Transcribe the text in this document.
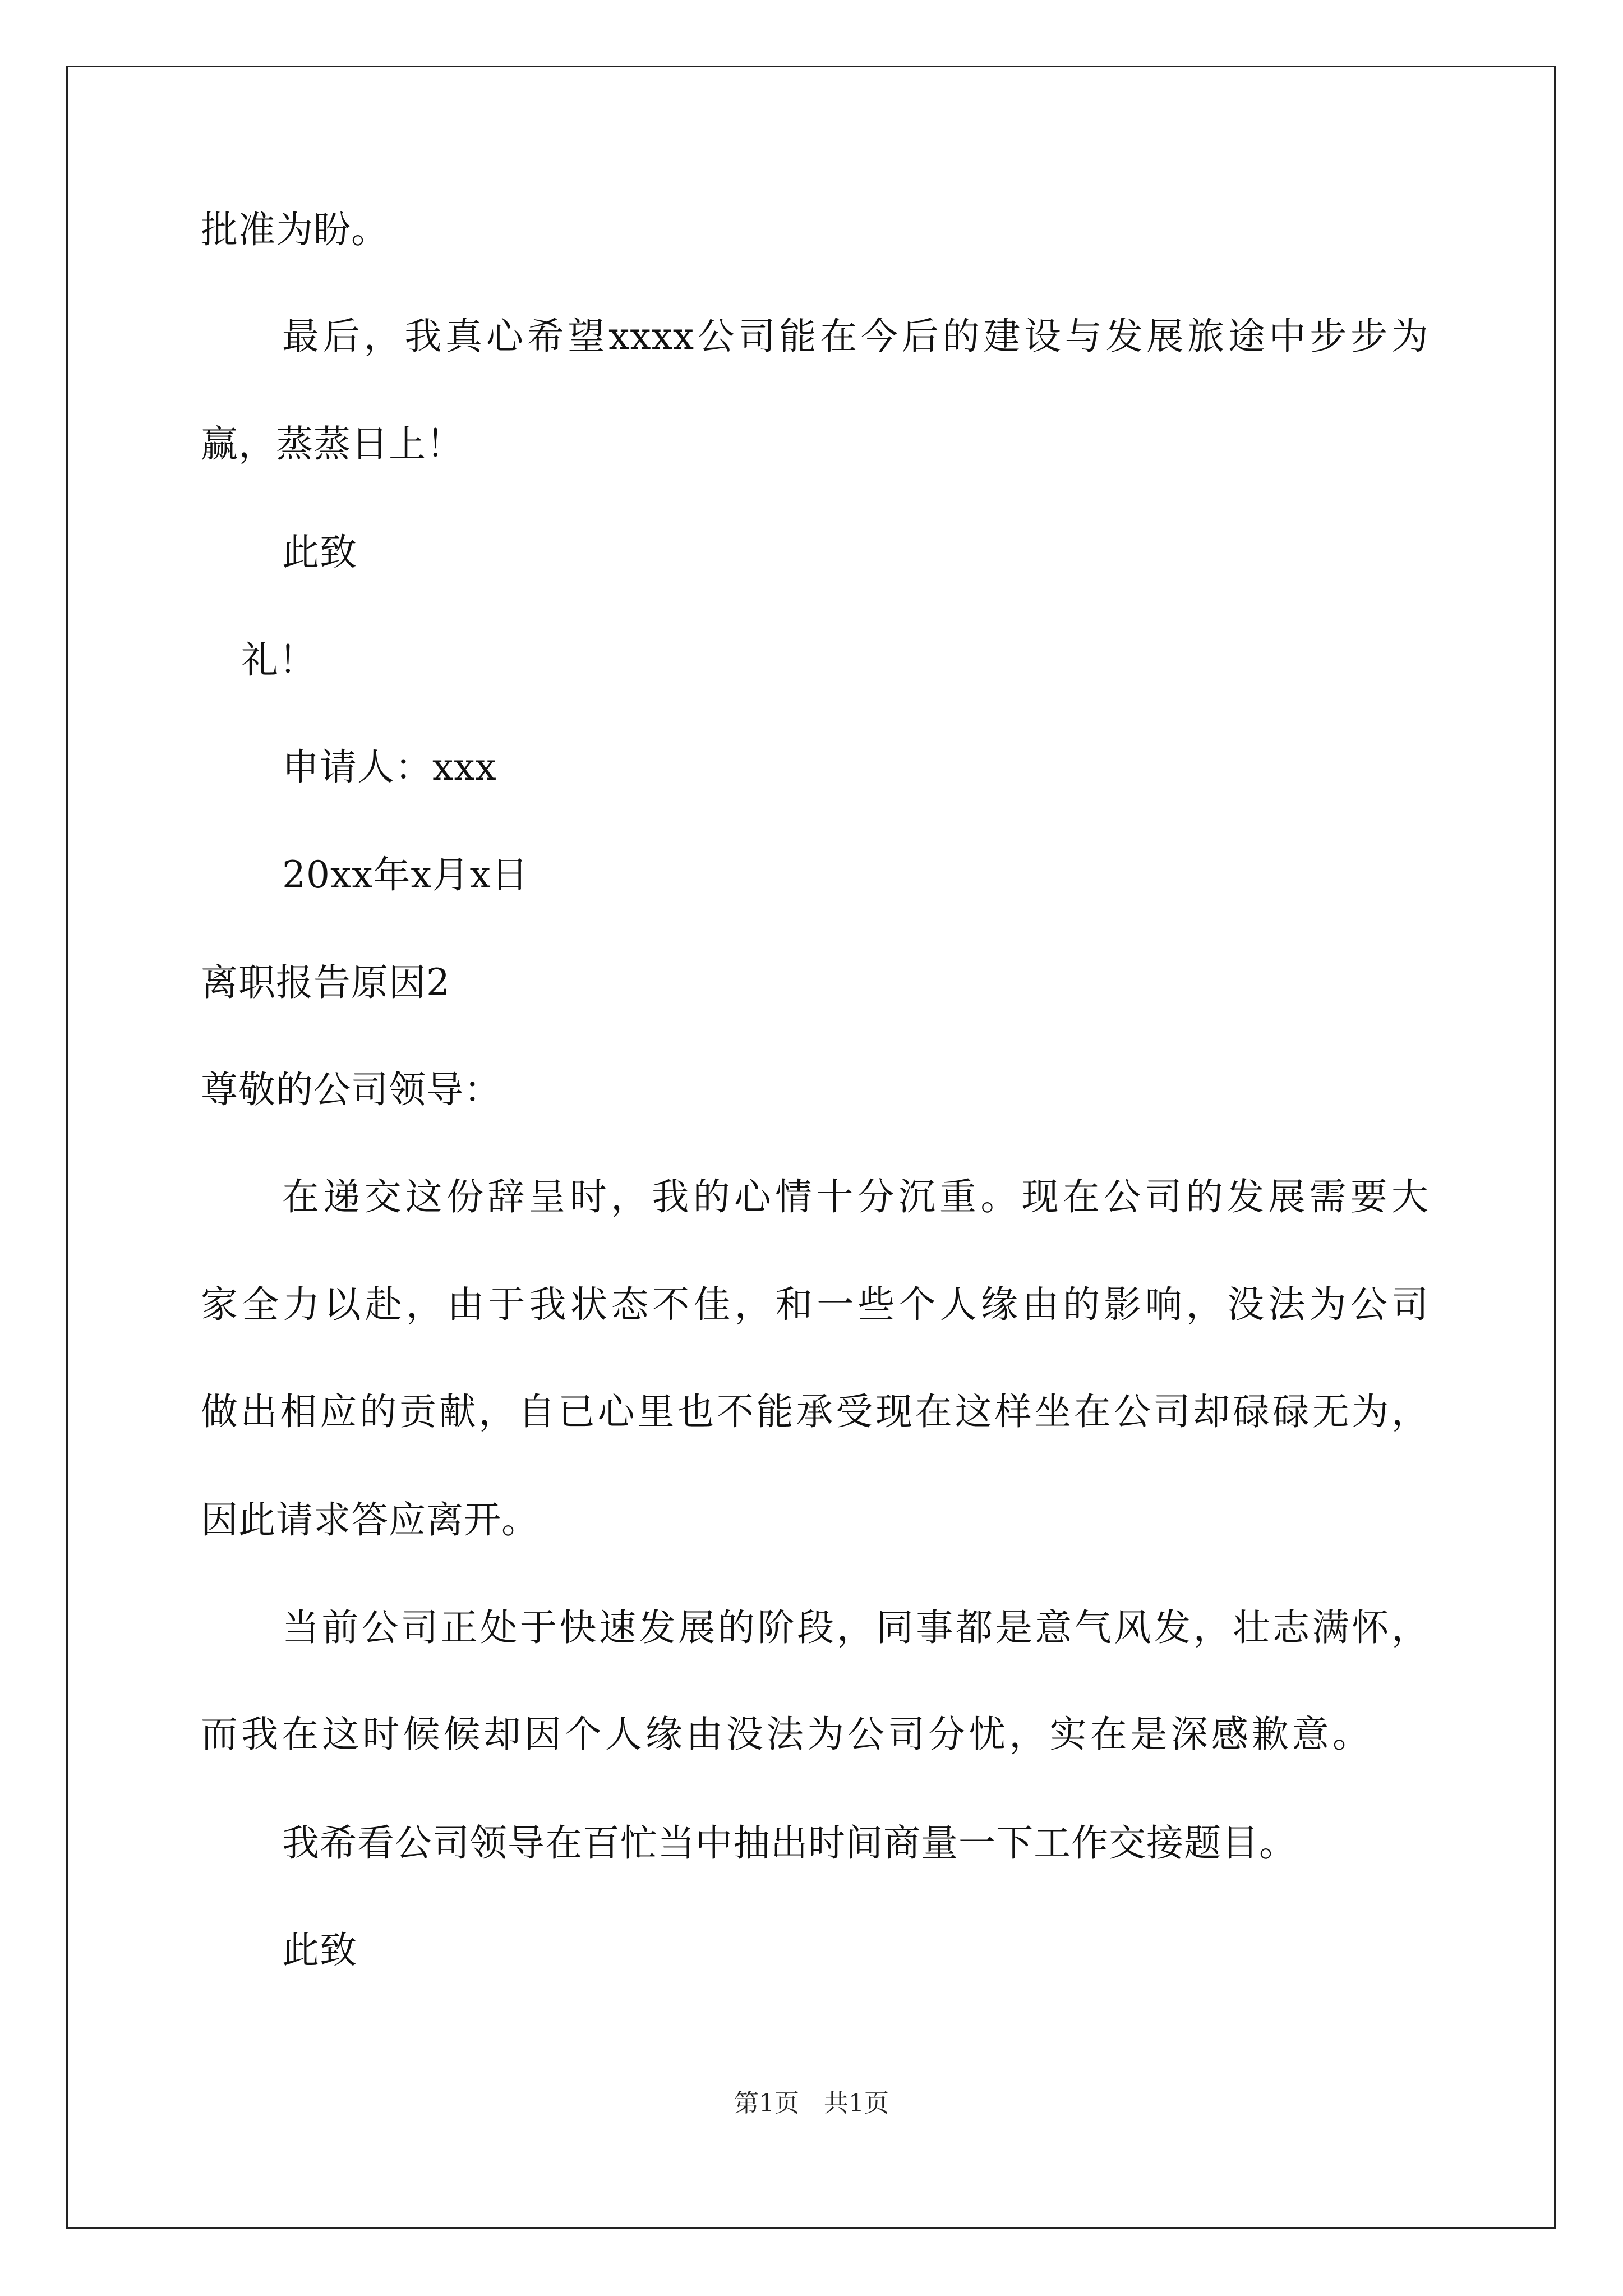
批准为盼。
最后，我真心希望xxxx公司能在今后的建设与发展旅途中步步为
赢，蒸蒸日上！
此致
礼！
申请人：xxx
20xx年x月x日
离职报告原因2
尊敬的公司领导：
在递交这份辞呈时，我的心情十分沉重。现在公司的发展需要大
家全力以赴，由于我状态不佳，和一些个人缘由的影响，没法为公司
做出相应的贡献，自已心里也不能承受现在这样坐在公司却碌碌无为，
因此请求答应离开。
当前公司正处于快速发展的阶段，同事都是意气风发，壮志满怀，
而我在这时候候却因个人缘由没法为公司分忧，实在是深感歉意。
我希看公司领导在百忙当中抽出时间商量一下工作交接题目。
此致
第1页　共1页
